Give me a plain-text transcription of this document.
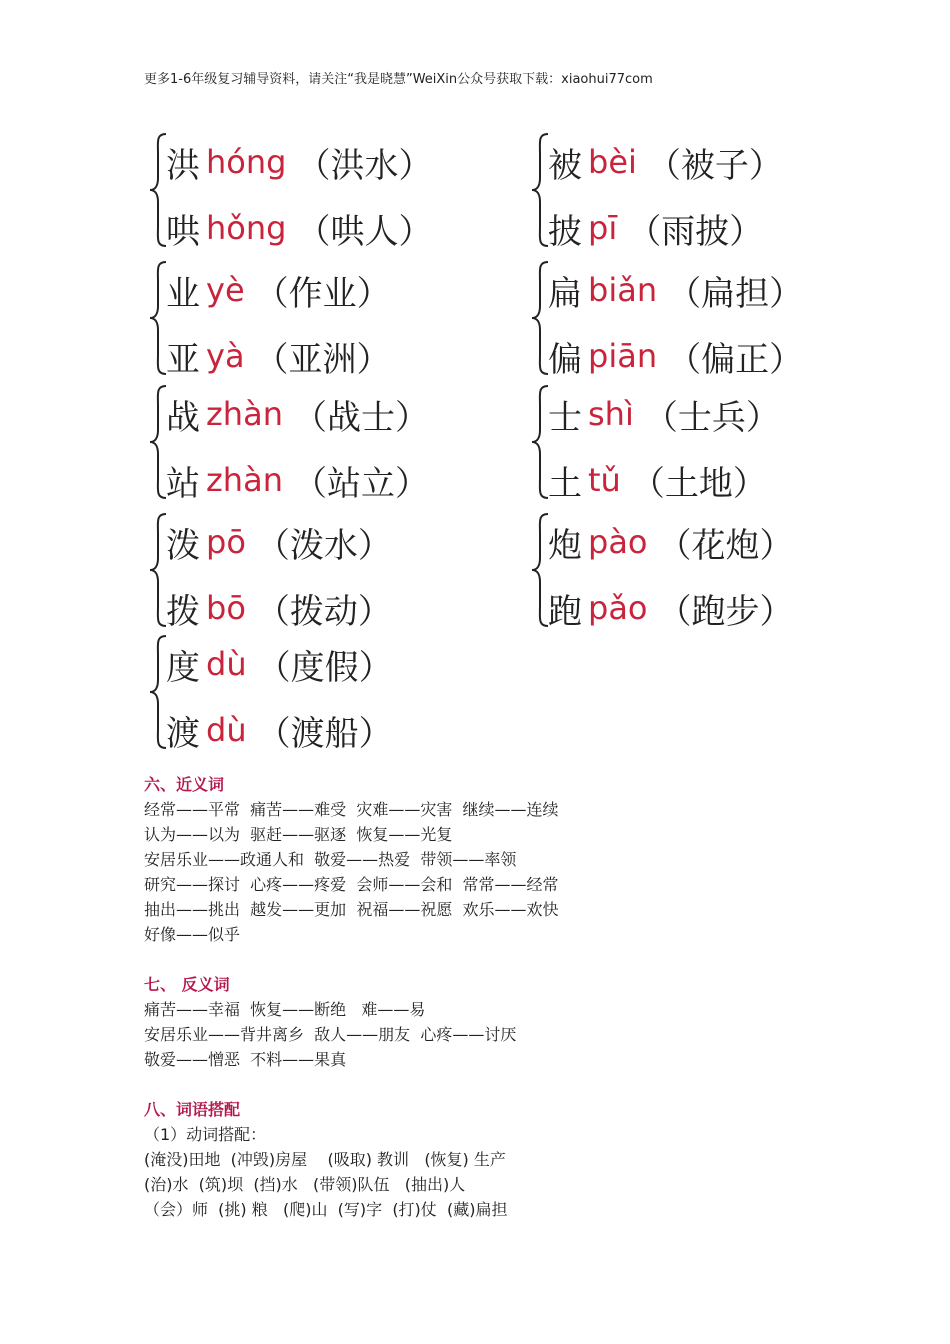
更多1-6年级复习辅导资料，请关注“我是晓慧”WeiXin公众号获取下载：xiaohui77com
洪 hóng （ 洪水 ）
哄 hǒng （ 哄人 ）
业 yè （ 作业 ）
亚 yà （ 亚洲 ）
战 zhàn （ 战士 ）
站 zhàn （ 站立 ）
泼 pō （ 泼水 ）
拨 bō （ 拨动 ）
度 dù （ 度假 ）
渡 dù （ 渡船 ）
被 bèi （ 被子 ）
披 pī （ 雨披 ）
扁 biǎn （ 扁担 ）
偏 piān （ 偏正 ）
士 shì （ 士兵 ）
土 tǔ （ 土地 ）
炮 pào （ 花炮 ）
跑 pǎo （ 跑步 ）
六、近义词
经常——平常  痛苦——难受  灾难——灾害  继续——连续
认为——以为  驱赶——驱逐  恢复——光复
安居乐业——政通人和  敬爱——热爱  带领——率领
研究——探讨  心疼——疼爱  会师——会和  常常——经常
抽出——挑出  越发——更加  祝福——祝愿  欢乐——欢快
好像——似乎
七、 反义词
痛苦——幸福  恢复——断绝   难——易
安居乐业——背井离乡  敌人——朋友  心疼——讨厌
敬爱——憎恶  不料——果真
八、词语搭配
（1）动词搭配：
(淹没)田地  (冲毁)房屋    (吸取) 教训   (恢复) 生产
(治)水  (筑)坝  (挡)水   (带领)队伍   (抽出)人
（会）师  (挑) 粮   (爬)山  (写)字  (打)仗  (藏)扁担
